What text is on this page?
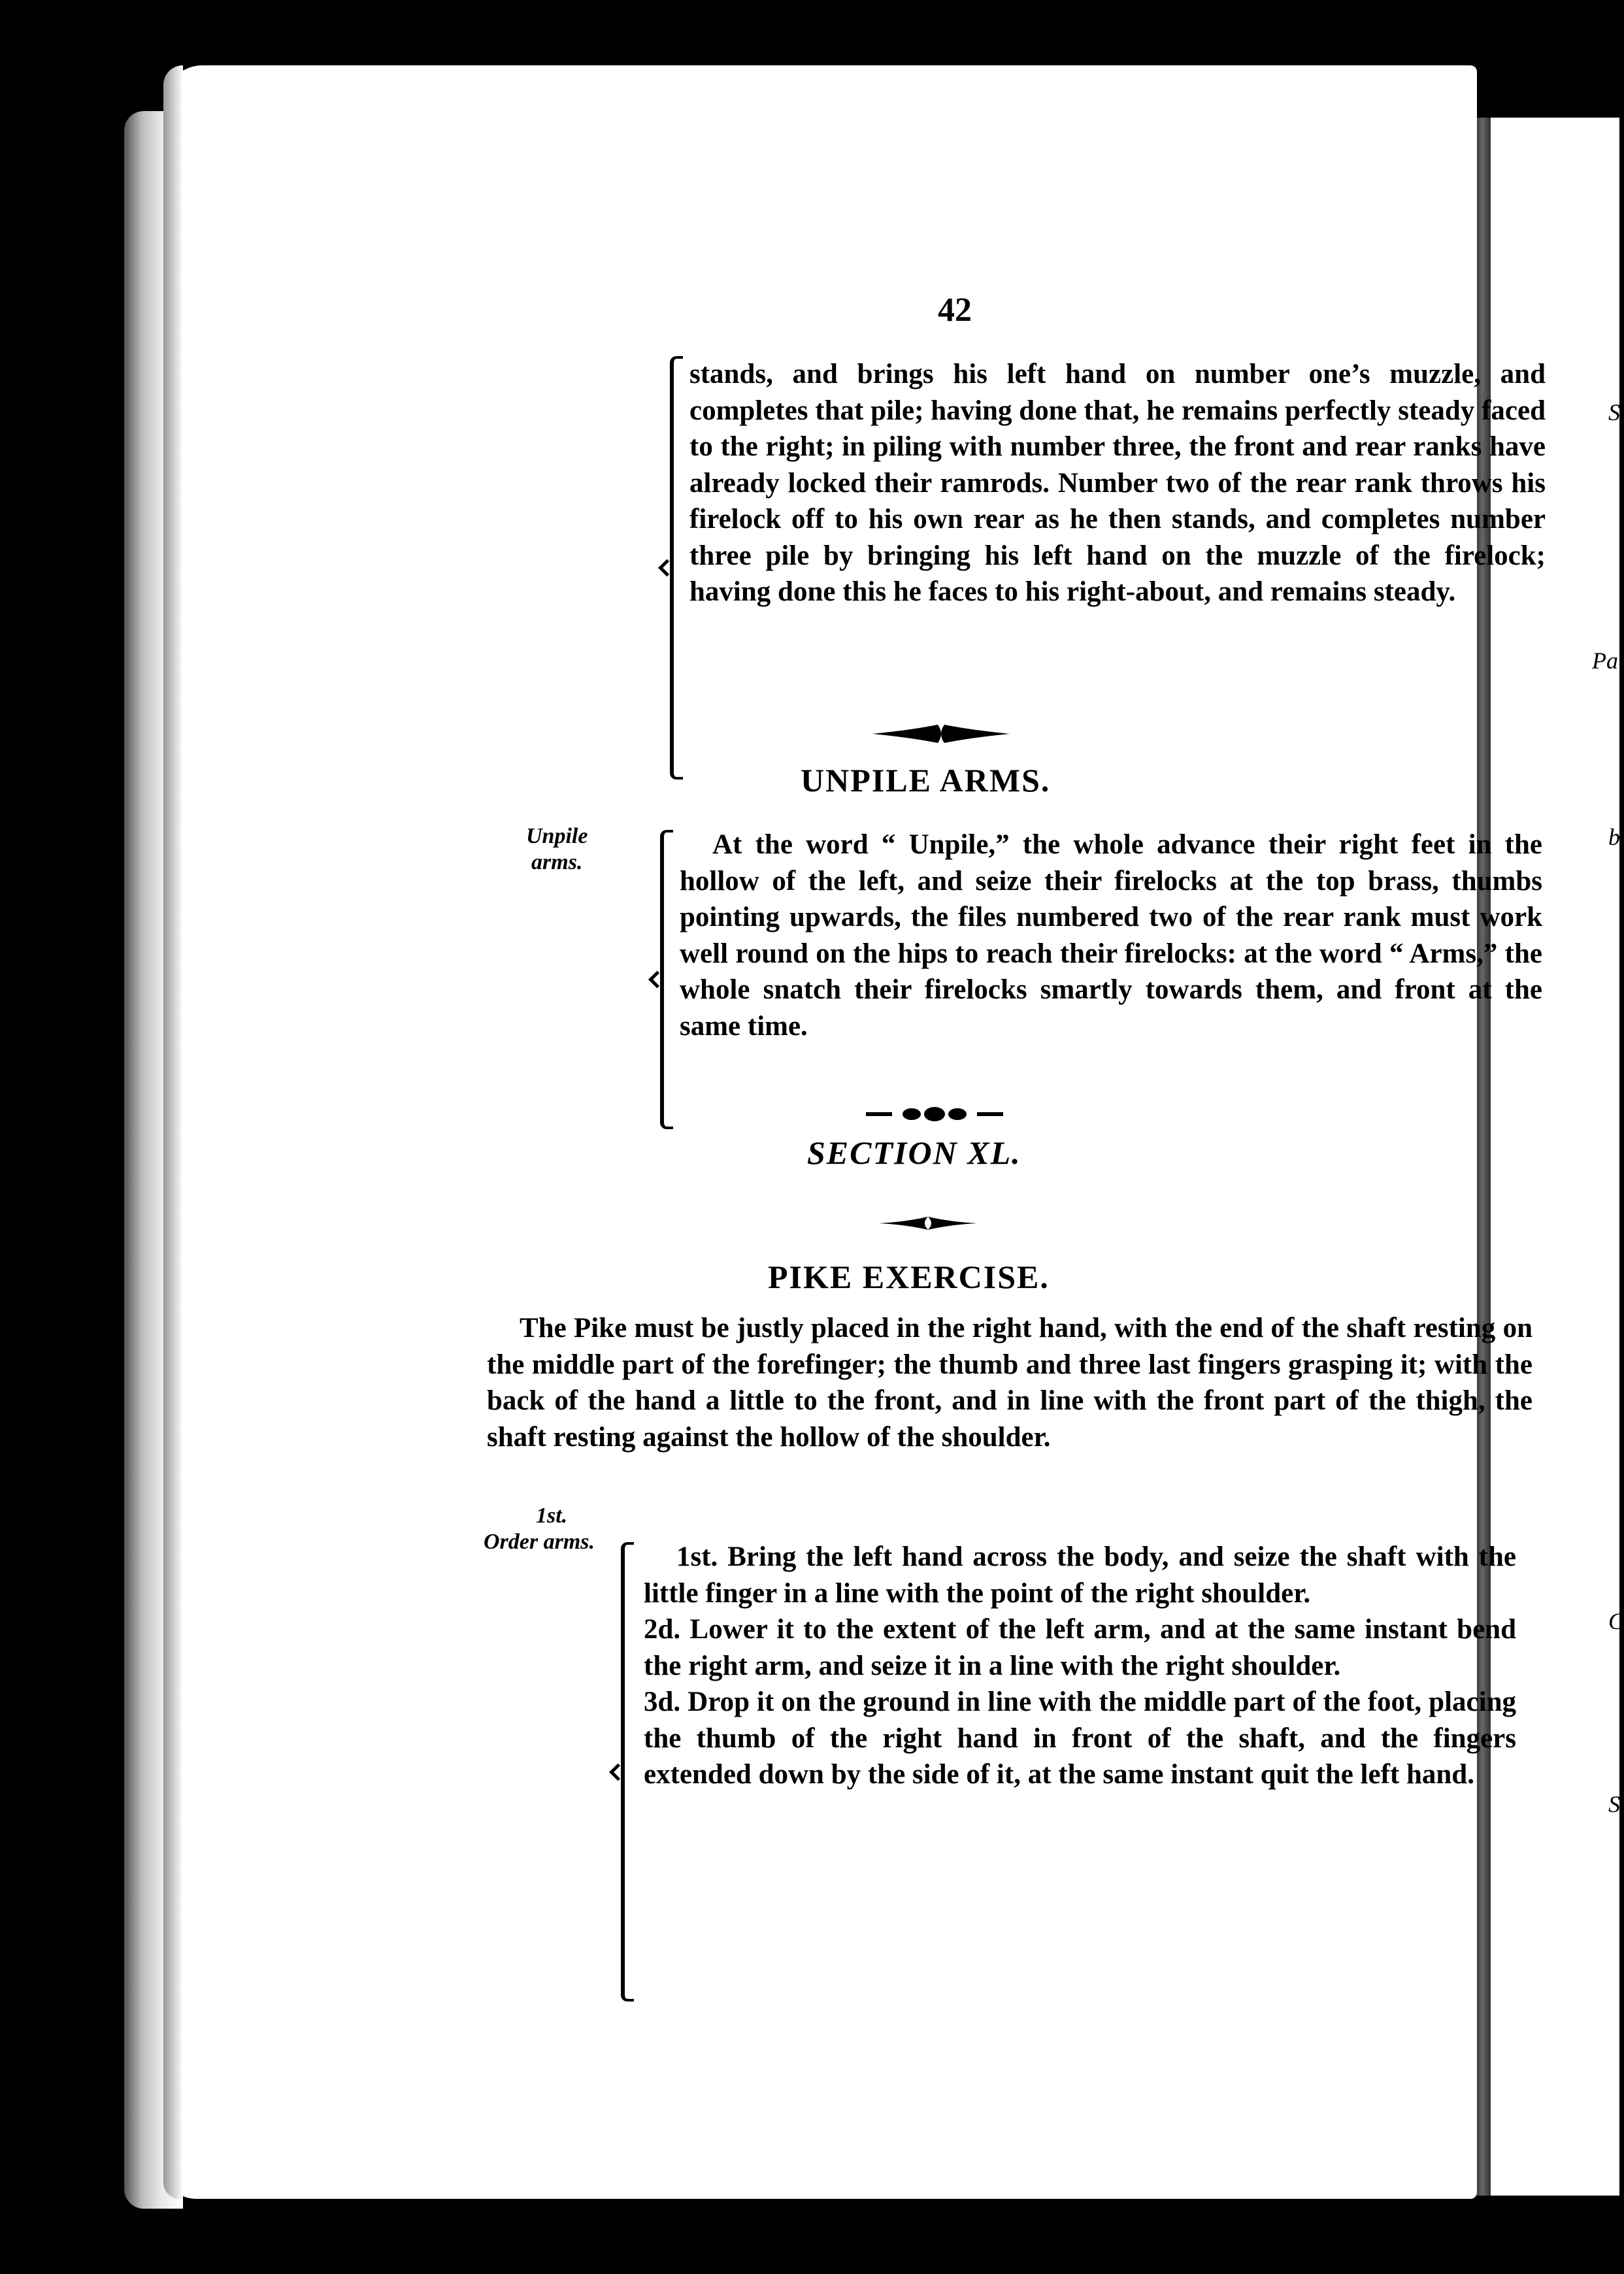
S
Pa
b
C
S
42

stands, and brings his left hand on number one’s muzzle, and completes that pile; having done that, he remains perfectly steady faced to the right; in piling with number three, the front and rear ranks have already locked their ramrods. Number two of the rear rank throws his firelock off to his own rear as he then stands, and completes number three pile by bringing his left hand on the muzzle of the firelock; having done this he faces to his right-about, and remains steady.

UNPILE ARMS.
Unpile
arms.
At the word “ Unpile,” the whole advance their right feet in the hollow of the left, and seize their firelocks at the top brass, thumbs pointing upwards, the files numbered two of the rear rank must work well round on the hips to reach their firelocks: at the word “ Arms,” the whole snatch their firelocks smartly towards them, and front at the same time.
SECTION XL.
PIKE EXERCISE.
The Pike must be justly placed in the right hand, with the end of the shaft resting on the middle part of the forefinger; the thumb and three last fingers grasping it; with the back of the hand a little to the front, and in line with the front part of the thigh, the shaft resting against the hollow of the shoulder.
1st.
Order arms.	1st. Bring the left hand across the body, and seize the shaft with the little finger in a line with the point of the right shoulder.

2d. Lower it to the extent of the left arm, and at the same instant bend the right arm, and seize it in a line with the right shoulder.

3d. Drop it on the ground in line with the middle part of the foot, placing the thumb of the right hand in front of the shaft, and the fingers extended down by the side of it, at the same instant quit the left hand.
